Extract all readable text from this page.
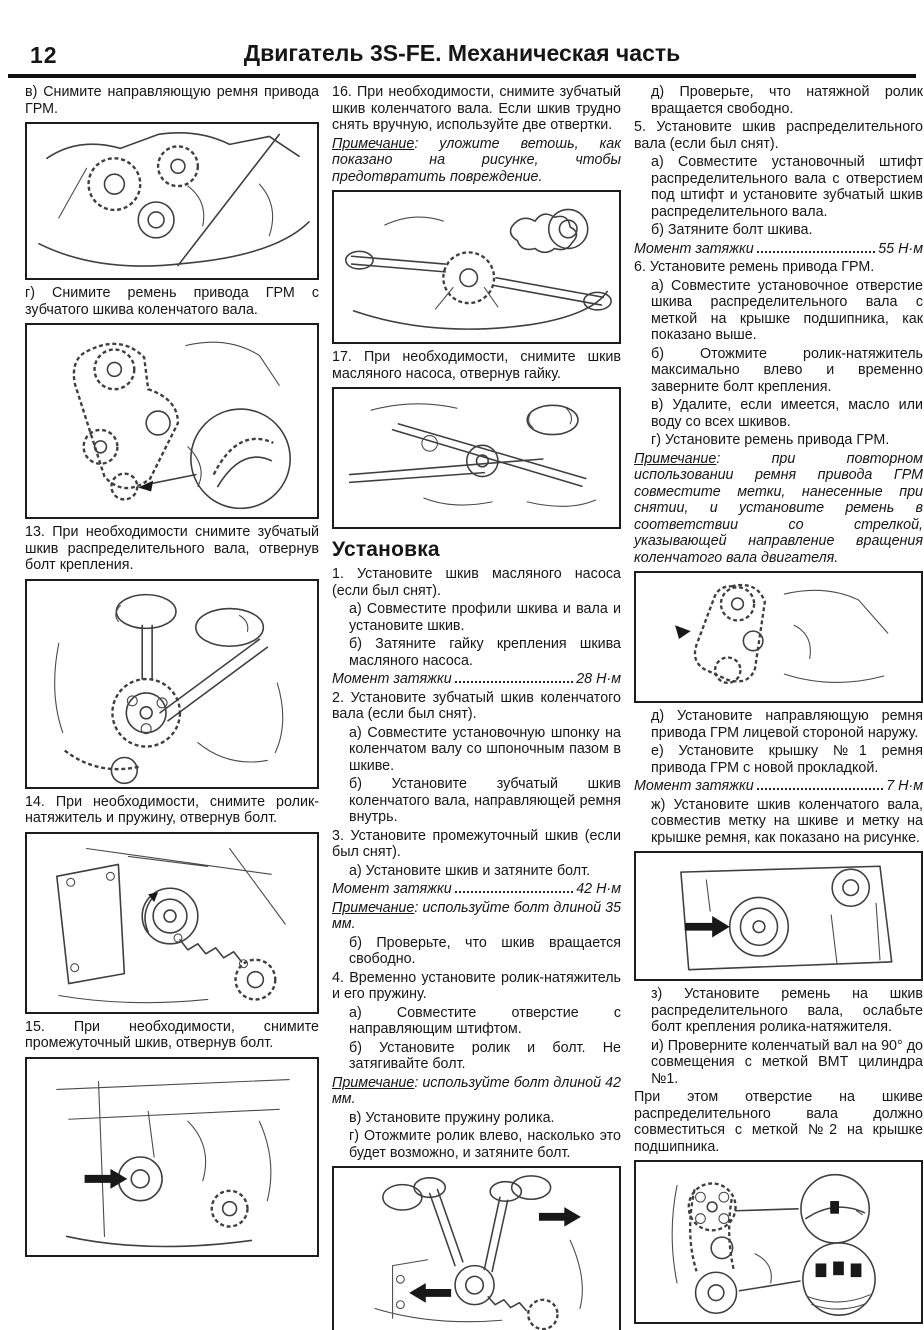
12	Двигатель 3S-FE. Механическая часть

в) Снимите направляющую ремня привода ГРМ.

г) Снимите ремень привода ГРМ с зубчатого шкива коленчатого вала.

13. При необходимости снимите зубчатый шкив распределительного вала, отвернув болт крепления.

14. При необходимости, снимите ролик-натяжитель и пружину, отвернув болт.

15. При необходимости, снимите промежуточный шкив, отвернув болт.

16. При необходимости, снимите зубчатый шкив коленчатого вала. Если шкив трудно снять вручную, используйте две отвертки.

Примечание: уложите ветошь, как показано на рисунке, чтобы предотвратить повреждение.

17. При необходимости, снимите шкив масляного насоса, отвернув гайку.

Установка

1. Установите шкив масляного насоса (если был снят).

а) Совместите профили шкива и вала и установите шкив.

б) Затяните гайку крепления шкива масляного насоса.

Момент затяжки	28 Н·м

2. Установите зубчатый шкив коленчатого вала (если был снят).

а) Совместите установочную шпонку на коленчатом валу со шпоночным пазом в шкиве.

б) Установите зубчатый шкив коленчатого вала, направляющей ремня внутрь.

3. Установите промежуточный шкив (если был снят).

а) Установите шкив и затяните болт.

Момент затяжки	42 Н·м

Примечание: используйте болт длиной 35 мм.

б) Проверьте, что шкив вращается свободно.

4. Временно установите ролик-натяжитель и его пружину.

а) Совместите отверстие с направляющим штифтом.

б) Установите ролик и болт. Не затягивайте болт.

Примечание: используйте болт длиной 42 мм.

в) Установите пружину ролика.

г) Отожмите ролик влево, насколько это будет возможно, и затяните болт.

д) Проверьте, что натяжной ролик вращается свободно.

5. Установите шкив распределительного вала (если был снят).

а) Совместите установочный штифт распределительного вала с отверстием под штифт и установите зубчатый шкив распределительного вала.

б) Затяните болт шкива.

Момент затяжки	55 Н·м

6. Установите ремень привода ГРМ.

а) Совместите установочное отверстие шкива распределительного вала с меткой на крышке подшипника, как показано выше.

б) Отожмите ролик-натяжитель максимально влево и временно заверните болт крепления.

в) Удалите, если имеется, масло или воду со всех шкивов.

г) Установите ремень привода ГРМ.

Примечание: при повторном использовании ремня привода ГРМ совместите метки, нанесенные при снятии, и установите ремень в соответствии со стрелкой, указывающей направление вращения коленчатого вала двигателя.

д) Установите направляющую ремня привода ГРМ лицевой стороной наружу.

е) Установите крышку №1 ремня привода ГРМ с новой прокладкой.

Момент затяжки	7 Н·м

ж) Установите шкив коленчатого вала, совместив метку на шкиве и метку на крышке ремня, как показано на рисунке.

з) Установите ремень на шкив распределительного вала, ослабьте болт крепления ролика-натяжителя.

и) Проверните коленчатый вал на 90° до совмещения с меткой ВМТ цилиндра №1.

При этом отверстие на шкиве распределительного вала должно совместиться с меткой №2 на крышке подшипника.
